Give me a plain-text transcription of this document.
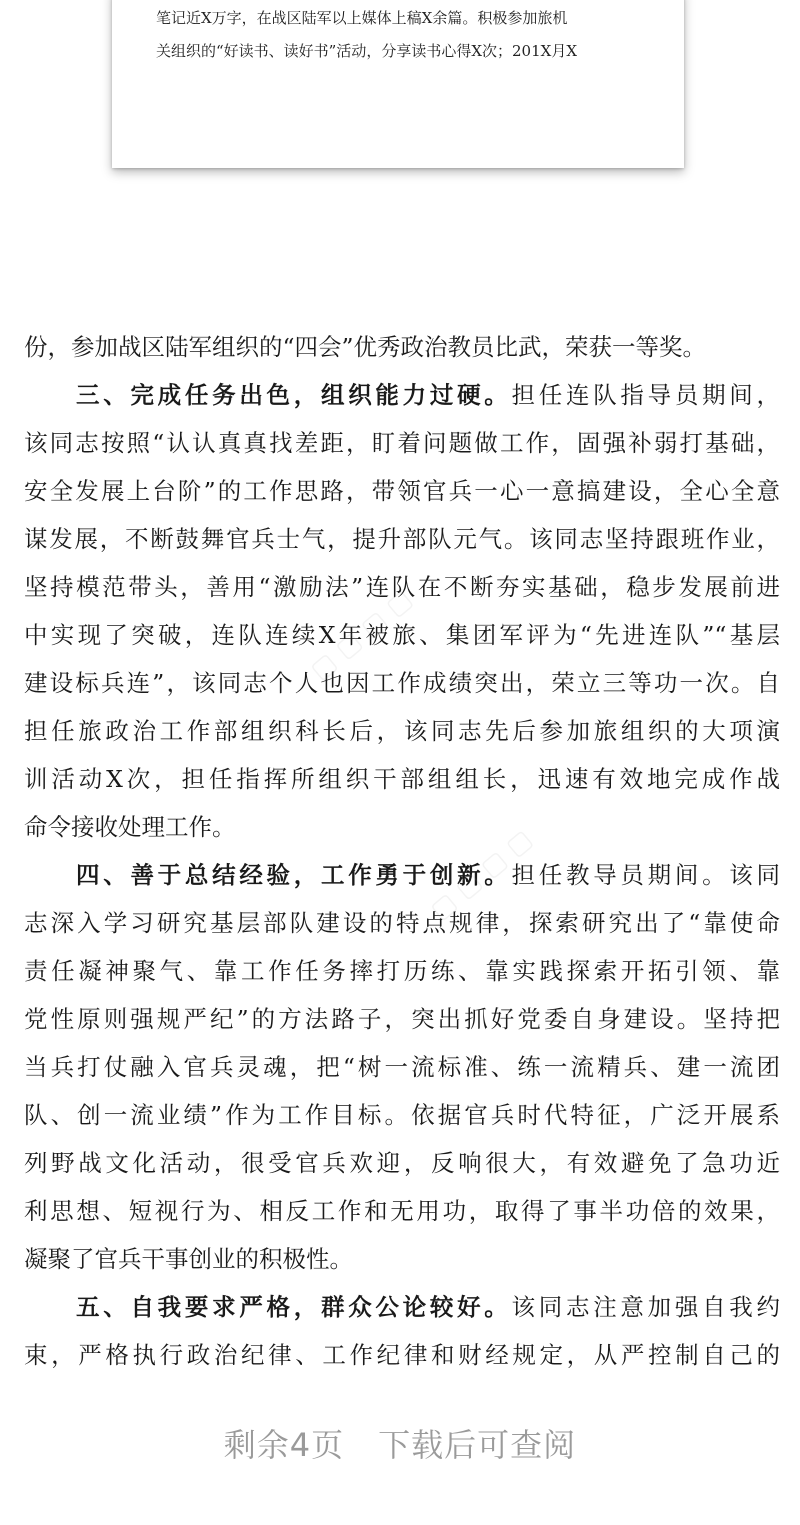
笔记近X万字，在战区陆军以上媒体上稿X余篇。积极参加旅机
关组织的“好读书、读好书”活动，分享读书心得X次；201X月X
份，参加战区陆军组织的“四会”优秀政治教员比武，荣获一等奖。
三、完成任务出色，组织能力过硬。担任连队指导员期间，
该同志按照“认认真真找差距，盯着问题做工作，固强补弱打基础，
安全发展上台阶”的工作思路，带领官兵一心一意搞建设，全心全意
谋发展，不断鼓舞官兵士气，提升部队元气。该同志坚持跟班作业，
坚持模范带头，善用“激励法”连队在不断夯实基础，稳步发展前进
中实现了突破，连队连续X年被旅、集团军评为“先进连队”“基层
建设标兵连”，该同志个人也因工作成绩突出，荣立三等功一次。自
担任旅政治工作部组织科长后，该同志先后参加旅组织的大项演
训活动X次，担任指挥所组织干部组组长，迅速有效地完成作战
命令接收处理工作。
四、善于总结经验，工作勇于创新。担任教导员期间。该同
志深入学习研究基层部队建设的特点规律，探索研究出了“靠使命
责任凝神聚气、靠工作任务摔打历练、靠实践探索开拓引领、靠
党性原则强规严纪”的方法路子，突出抓好党委自身建设。坚持把
当兵打仗融入官兵灵魂，把“树一流标准、练一流精兵、建一流团
队、创一流业绩”作为工作目标。依据官兵时代特征，广泛开展系
列野战文化活动，很受官兵欢迎，反响很大，有效避免了急功近
利思想、短视行为、相反工作和无用功，取得了事半功倍的效果，
凝聚了官兵干事创业的积极性。
五、自我要求严格，群众公论较好。该同志注意加强自我约
束，严格执行政治纪律、工作纪律和财经规定，从严控制自己的
▢ ▢ ▢ ▢
▢ ▢ ▢ ▢
剩余4页 下载后可查阅
